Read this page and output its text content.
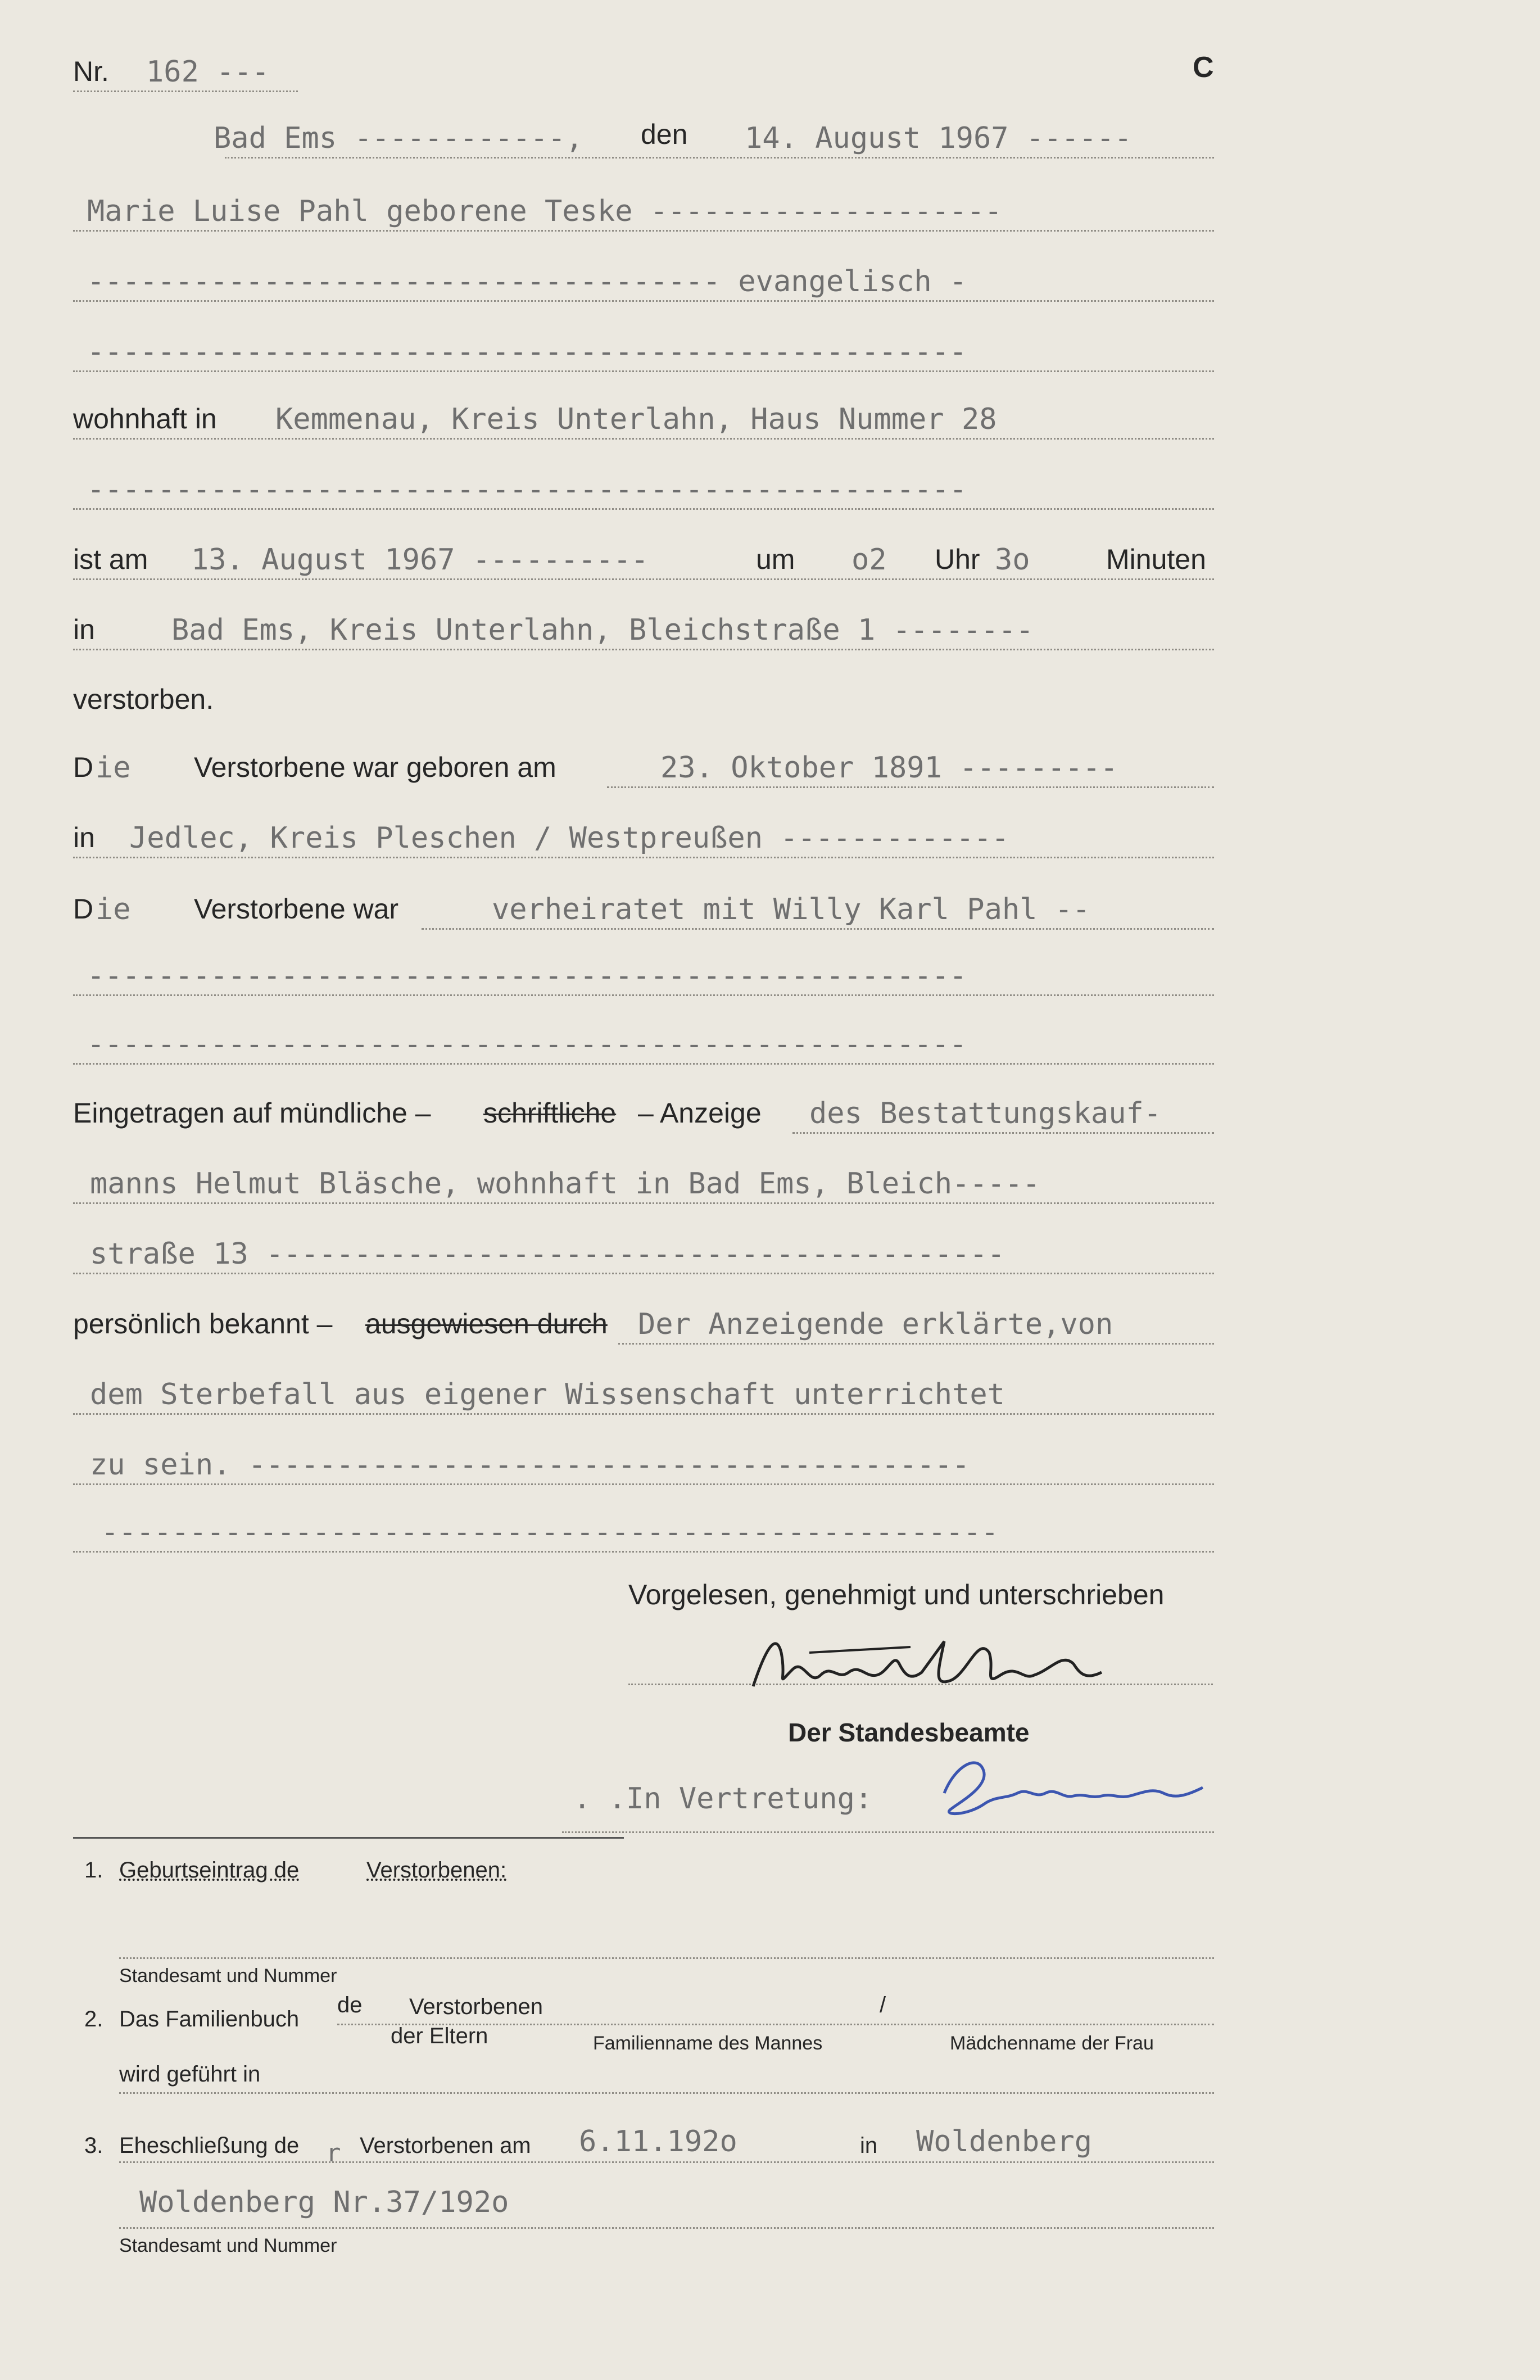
Nr. 162 ---	C
Bad Ems ------------, den 14. August 1967 ------
Marie Luise Pahl geborene Teske --------------------
------------------------------------ evangelisch -
--------------------------------------------------
wohnhaft in Kemmenau, Kreis Unterlahn, Haus Nummer 28
--------------------------------------------------
ist am 13. August 1967 ----------	um o2 Uhr 3o	Minuten
in	Bad Ems, Kreis Unterlahn, Bleichstraße 1 --------
verstorben.
D ie Verstorbene war geboren am	23. Oktober 1891 ---------
in Jedlec, Kreis Pleschen / Westpreußen -------------
D ie Verstorbene war	verheiratet mit Willy Karl Pahl --
--------------------------------------------------
--------------------------------------------------
Eingetragen auf mündliche – schriftliche – Anzeige des Bestattungskauf-
manns Helmut Bläsche, wohnhaft in Bad Ems, Bleich-----
straße 13 ------------------------------------------
persönlich bekannt – ausgewiesen durch Der Anzeigende erklärte,von
dem Sterbefall aus eigener Wissenschaft unterrichtet
zu sein. -----------------------------------------
---------------------------------------------------
Vorgelesen, genehmigt und unterschrieben
Der Standesbeamte
. .In Vertretung:
1. Geburtseintrag de	Verstorbenen:
Standesamt und Nummer
2. Das Familienbuch
de Verstorbenen	/
der Eltern	Familienname des Mannes	Mädchenname der Frau
wird geführt in
3. Eheschließung de r Verstorbenen am 6.11.192o	in Woldenberg
Woldenberg Nr.37/192o
Standesamt und Nummer
